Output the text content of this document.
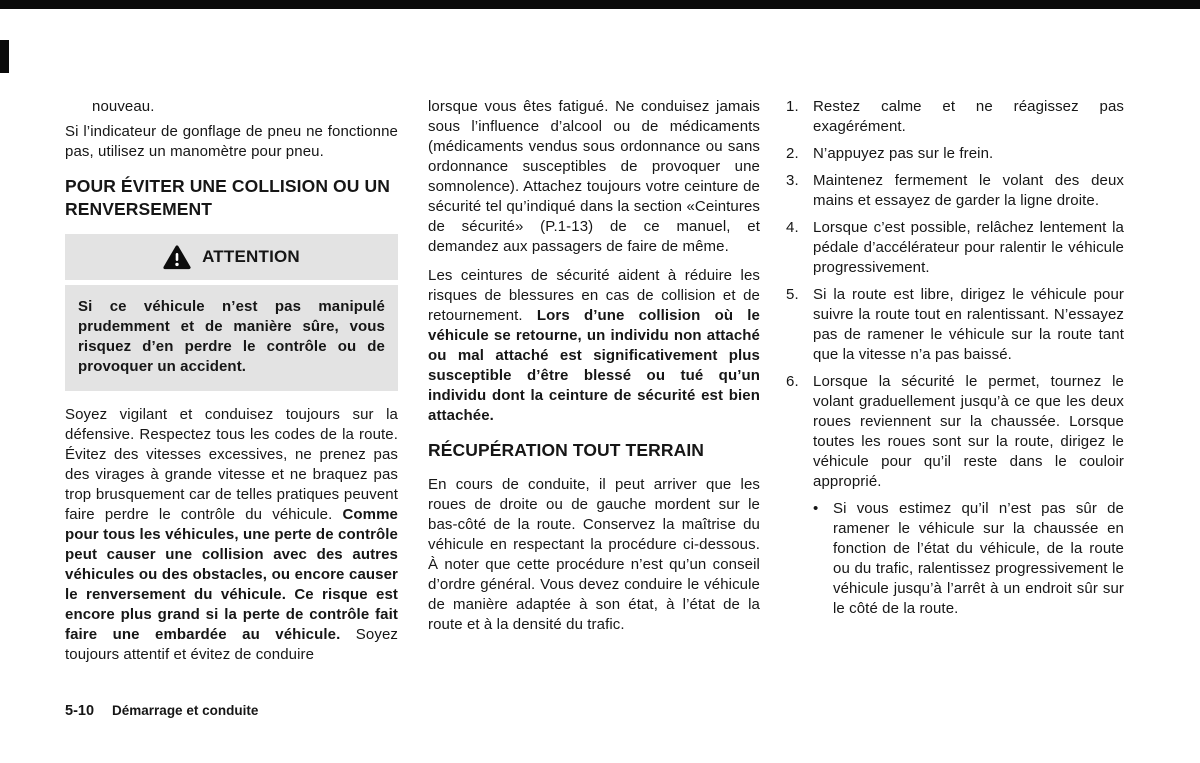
nouveau.

Si l’indicateur de gonflage de pneu ne fonctionne pas, utilisez un manomètre pour pneu.

POUR ÉVITER UNE COLLISION OU UN RENVERSEMENT
ATTENTION

Si ce véhicule n’est pas manipulé prudemment et de manière sûre, vous risquez d’en perdre le contrôle ou de provoquer un accident.

Soyez vigilant et conduisez toujours sur la défensive. Respectez tous les codes de la route. Évitez des vitesses excessives, ne prenez pas des virages à grande vitesse et ne braquez pas trop brusquement car de telles pratiques peuvent faire perdre le contrôle du véhicule. Comme pour tous les véhicules, une perte de contrôle peut causer une collision avec des autres véhicules ou des obstacles, ou encore causer le renversement du véhicule. Ce risque est encore plus grand si la perte de contrôle fait faire une embardée au véhicule. Soyez toujours attentif et évitez de conduire

lorsque vous êtes fatigué. Ne conduisez jamais sous l’influence d’alcool ou de médicaments (médicaments vendus sous ordonnance ou sans ordonnance susceptibles de provoquer une somnolence). Attachez toujours votre ceinture de sécurité tel qu’indiqué dans la section «Ceintures de sécurité» (P.1-13) de ce manuel, et demandez aux passagers de faire de même.

Les ceintures de sécurité aident à réduire les risques de blessures en cas de collision et de retournement. Lors d’une collision où le véhicule se retourne, un individu non attaché ou mal attaché est significativement plus susceptible d’être blessé ou tué qu’un individu dont la ceinture de sécurité est bien attachée.

RÉCUPÉRATION TOUT TERRAIN

En cours de conduite, il peut arriver que les roues de droite ou de gauche mordent sur le bas-côté de la route. Conservez la maîtrise du véhicule en respectant la procédure ci-dessous. À noter que cette procédure n’est qu’un conseil d’ordre général. Vous devez conduire le véhicule de manière adaptée à son état, à l’état de la route et à la densité du trafic.

1. Restez calme et ne réagissez pas exagérément.
2. N’appuyez pas sur le frein.
3. Maintenez fermement le volant des deux mains et essayez de garder la ligne droite.
4. Lorsque c’est possible, relâchez lentement la pédale d’accélérateur pour ralentir le véhicule progressivement.
5. Si la route est libre, dirigez le véhicule pour suivre la route tout en ralentissant. N’essayez pas de ramener le véhicule sur la route tant que la vitesse n’a pas baissé.
6. Lorsque la sécurité le permet, tournez le volant graduellement jusqu’à ce que les deux roues reviennent sur la chaussée. Lorsque toutes les roues sont sur la route, dirigez le véhicule pour qu’il reste dans le couloir approprié.
• Si vous estimez qu’il n’est pas sûr de ramener le véhicule sur la chaussée en fonction de l’état du véhicule, de la route ou du trafic, ralentissez progressivement le véhicule jusqu’à l’arrêt à un endroit sûr sur le côté de la route.
5-10 Démarrage et conduite
